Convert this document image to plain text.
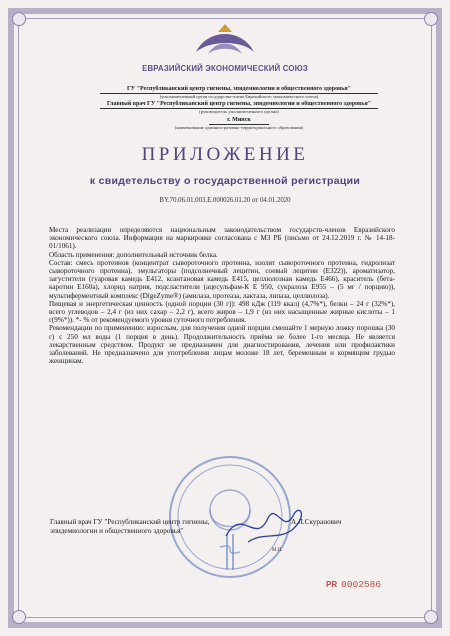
ЕВРАЗИЙСКИЙ ЭКОНОМИЧЕСКИЙ СОЮЗ
ГУ "Республиканский центр гигиены, эпидемиологии и общественного здоровья"
(уполномоченный орган государства-члена Евразийского экономического союза)
Главный врач ГУ "Республиканский центр гигиены, эпидемиологии и общественного здоровья"
(руководитель уполномоченного органа)
г. Минск
(наименование административно-территориального образования)
ПРИЛОЖЕНИЕ
к свидетельству о государственной регистрации
BY.70.06.01.003.E.000026.01.20 от 04.01.2020

Места реализации определяются национальным законодательством государств-членов Евразийского экономического союза. Информация на маркировке согласована с МЗ РБ (письмо от 24.12.2019 г. № 14-18-01/1061).

Область применения: дополнительный источник белка.

Состав: смесь протеинов (концентрат сывороточного протеина, изолят сывороточного протеина, гидролизат сывороточного протеина), эмульгаторы (подсолнечный лецитин, соевый лецитин (Е322)), ароматизатор, загустители (гуаровая камедь Е412, ксантановая камедь Е415, целлюлозная камедь Е466), краситель (бета-каротин Е160а), хлорид натрия, подсластители (ацесульфам-К Е 950, сукралоза Е955 – (5 мг / порцию)), мультиферментный комплекс (DigeZyme®) (амилаза, протеаза, лактаза, липаза, целлюлоза).

Пищевая и энергетическая ценность (одной порции (30 г)): 498 кДж (119 ккал) (4,7%*), белки – 24 г (32%*), всего углеводов – 2,4 г (из них сахар – 2,2 г), всего жиров – 1,9 г (из них насыщенные жирные кислоты – 1 г(9%*)). *- % от рекомендуемого уровня суточного потребления.

Рекомендации по применению: взрослым, для получения одной порции смешайте 1 мерную ложку порошка (30 г) с 250 мл воды (1 порция в день). Продолжительность приёма не более 1-го месяца. Не является лекарственным средством. Продукт не предназначен для диагностирования, лечения или профилактики заболеваний. Не предназначено для употребления лицам моложе 18 лет, беременным и кормящим грудью женщинам.

Главный врач ГУ "Республиканский центр гигиены, эпидемиологии и общественного здоровья"
А.Л.Скуранович
М.П.
PR 0002586
